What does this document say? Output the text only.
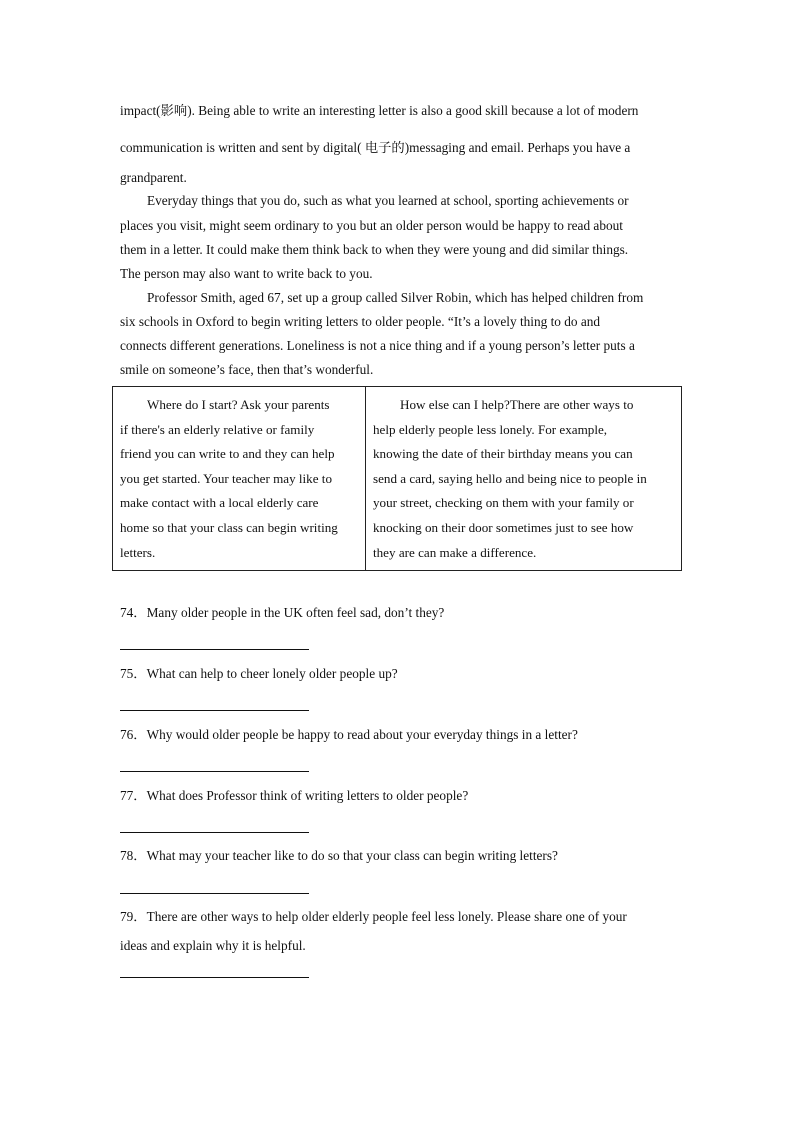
impact(影响). Being able to write an interesting letter is also a good skill because a lot of modern
communication is written and sent by digital( 电子的)messaging and email. Perhaps you have a
grandparent.
Everyday things that you do, such as what you learned at school, sporting achievements or
places you visit, might seem ordinary to you but an older person would be happy to read about
them in a letter. It could make them think back to when they were young and did similar things.
The person may also want to write back to you.
Professor Smith, aged 67, set up a group called Silver Robin, which has helped children from
six schools in Oxford to begin writing letters to older people. “It’s a lovely thing to do and
connects different generations. Loneliness is not a nice thing and if a young person’s letter puts a
smile on someone’s face, then that’s wonderful.
Where do I start? Ask your parents
if there's an elderly relative or family
friend you can write to and they can help
you get started. Your teacher may like to
make contact with a local elderly care
home so that your class can begin writing
letters.	How else can I help?There are other ways to
help elderly people less lonely. For example,
knowing the date of their birthday means you can
send a card, saying hello and being nice to people in
your street, checking on them with your family or
knocking on their door sometimes just to see how
they are can make a difference.
74．Many older people in the UK often feel sad, don’t they?
75．What can help to cheer lonely older people up?
76．Why would older people be happy to read about your everyday things in a letter?
77．What does Professor think of writing letters to older people?
78．What may your teacher like to do so that your class can begin writing letters?
79．There are other ways to help older elderly people feel less lonely. Please share one of your
ideas and explain why it is helpful.
